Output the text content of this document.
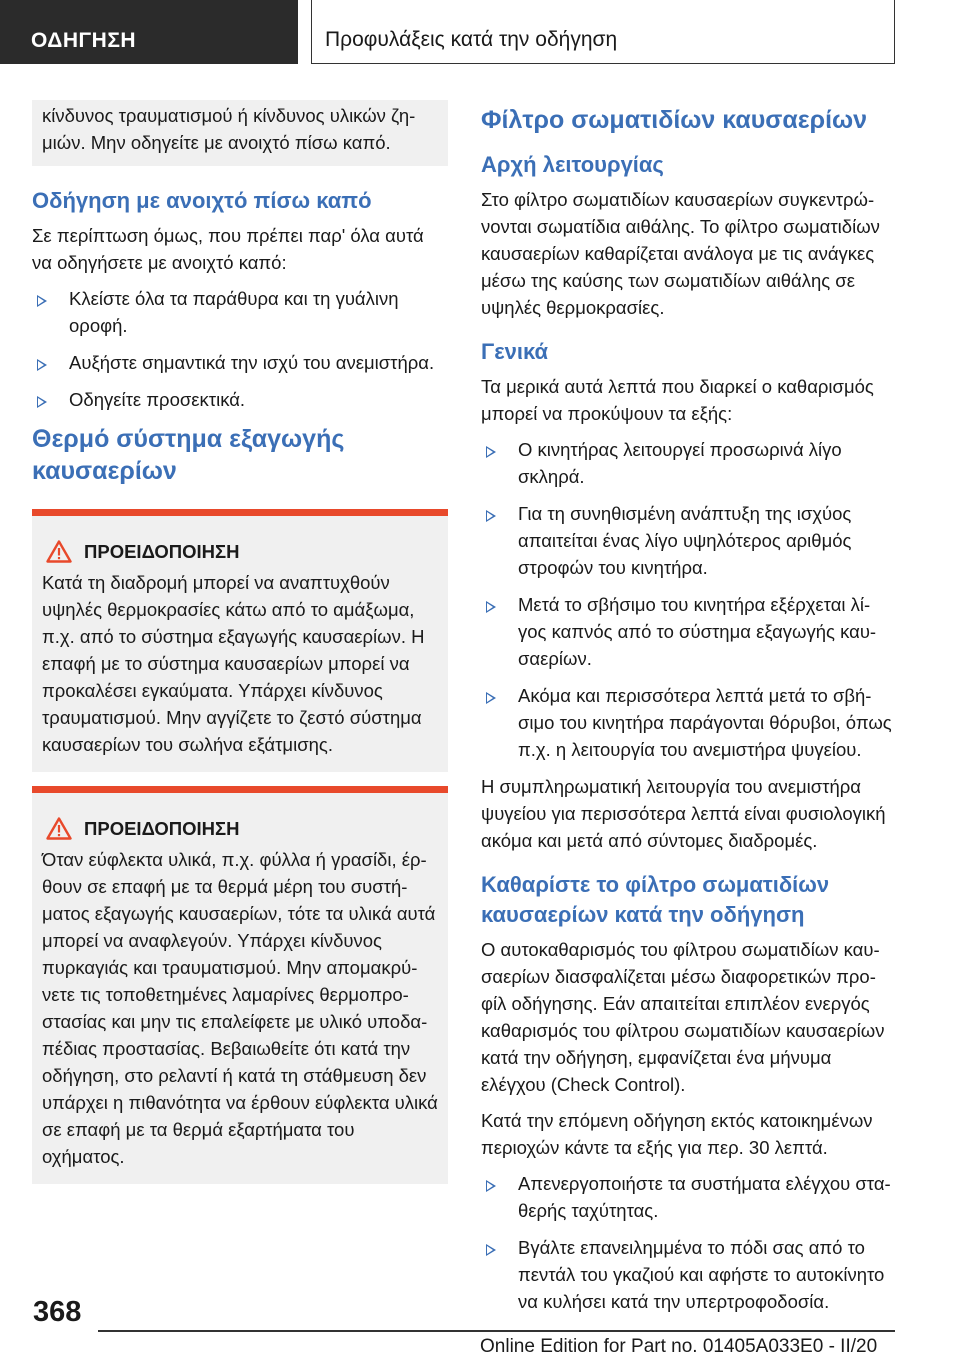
ΟΔΗΓΗΣΗ	Προφυλάξεις κατά την οδήγηση
κίνδυνος τραυματισμού ή κίνδυνος υλικών ζη-μιών. Μην οδηγείτε με ανοιχτό πίσω καπό.
Οδήγηση με ανοιχτό πίσω καπό
Σε περίπτωση όμως, που πρέπει παρ' όλα αυτά να οδηγήσετε με ανοιχτό καπό:
Κλείστε όλα τα παράθυρα και τη γυάλινη οροφή.
Αυξήστε σημαντικά την ισχύ του ανεμιστήρα.
Οδηγείτε προσεκτικά.
Θερμό σύστημα εξαγωγής καυσαερίων
ΠΡΟΕΙΔΟΠΟΙΗΣΗ
Κατά τη διαδρομή μπορεί να αναπτυχθούν υψηλές θερμοκρασίες κάτω από το αμάξωμα, π.χ. από το σύστημα εξαγωγής καυσαερίων. Η επαφή με το σύστημα καυσαερίων μπορεί να προκαλέσει εγκαύματα. Υπάρχει κίνδυνος τραυματισμού. Μην αγγίζετε το ζεστό σύστημα καυσαερίων του σωλήνα εξάτμισης.
ΠΡΟΕΙΔΟΠΟΙΗΣΗ
Όταν εύφλεκτα υλικά, π.χ. φύλλα ή γρασίδι, έρ-θουν σε επαφή με τα θερμά μέρη του συστή-ματος εξαγωγής καυσαερίων, τότε τα υλικά αυτά μπορεί να αναφλεγούν. Υπάρχει κίνδυνος πυρκαγιάς και τραυματισμού. Μην απομακρύ-νετε τις τοποθετημένες λαμαρίνες θερμοπρο-στασίας και μην τις επαλείφετε με υλικό υποδα-πέδιας προστασίας. Βεβαιωθείτε ότι κατά την οδήγηση, στο ρελαντί ή κατά τη στάθμευση δεν υπάρχει η πιθανότητα να έρθουν εύφλεκτα υλικά σε επαφή με τα θερμά εξαρτήματα του οχήματος.
Φίλτρο σωματιδίων καυσαερίων
Αρχή λειτουργίας
Στο φίλτρο σωματιδίων καυσαερίων συγκεντρώ-νονται σωματίδια αιθάλης. Το φίλτρο σωματιδίων καυσαερίων καθαρίζεται ανάλογα με τις ανάγκες μέσω της καύσης των σωματιδίων αιθάλης σε υψηλές θερμοκρασίες.
Γενικά
Τα μερικά αυτά λεπτά που διαρκεί ο καθαρισμός μπορεί να προκύψουν τα εξής:
Ο κινητήρας λειτουργεί προσωρινά λίγο σκληρά.
Για τη συνηθισμένη ανάπτυξη της ισχύος απαιτείται ένας λίγο υψηλότερος αριθμός στροφών του κινητήρα.
Μετά το σβήσιμο του κινητήρα εξέρχεται λί-γος καπνός από το σύστημα εξαγωγής καυ-σαερίων.
Ακόμα και περισσότερα λεπτά μετά το σβή-σιμο του κινητήρα παράγονται θόρυβοι, όπως π.χ. η λειτουργία του ανεμιστήρα ψυγείου.
Η συμπληρωματική λειτουργία του ανεμιστήρα ψυγείου για περισσότερα λεπτά είναι φυσιολογική ακόμα και μετά από σύντομες διαδρομές.
Καθαρίστε το φίλτρο σωματιδίων καυσαερίων κατά την οδήγηση
Ο αυτοκαθαρισμός του φίλτρου σωματιδίων καυ-σαερίων διασφαλίζεται μέσω διαφορετικών προ-φίλ οδήγησης. Εάν απαιτείται επιπλέον ενεργός καθαρισμός του φίλτρου σωματιδίων καυσαερίων κατά την οδήγηση, εμφανίζεται ένα μήνυμα ελέγχου (Check Control).
Κατά την επόμενη οδήγηση εκτός κατοικημένων περιοχών κάντε τα εξής για περ. 30 λεπτά.
Απενεργοποιήστε τα συστήματα ελέγχου στα-θερής ταχύτητας.
Βγάλτε επανειλημμένα το πόδι σας από το πεντάλ του γκαζιού και αφήστε το αυτοκίνητο να κυλήσει κατά την υπερτροφοδοσία.
368
Online Edition for Part no. 01405A033E0 - II/20
